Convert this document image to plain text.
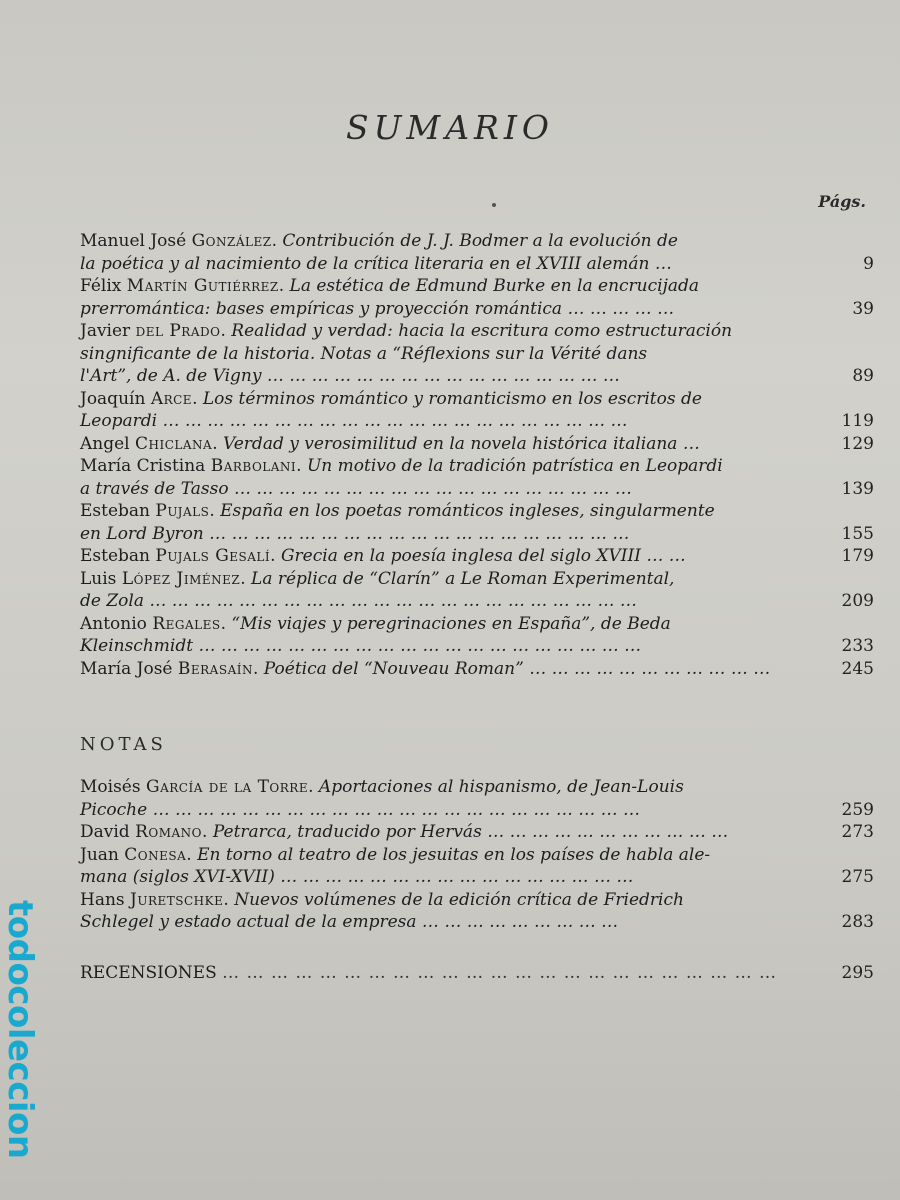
SUMARIO
Págs.
Manuel José González. Contribución de J. J. Bodmer a la evolución de
la poética y al nacimiento de la crítica literaria en el XVIII alemán …	9
Félix Martín Gutiérrez. La estética de Edmund Burke en la encrucijada
prerromántica: bases empíricas y proyección romántica … … … … …	39
Javier del Prado. Realidad y verdad: hacia la escritura como estructuración
singnificante de la historia. Notas a “Réflexions sur la Vérité dans
l'Art”, de A. de Vigny … … … … … … … … … … … … … … … …	89
Joaquín Arce. Los términos romántico y romanticismo en los escritos de
Leopardi … … … … … … … … … … … … … … … … … … … … …	119
Angel Chiclana. Verdad y verosimilitud en la novela histórica italiana …	129
María Cristina Barbolani. Un motivo de la tradición patrística en Leopardi
a través de Tasso … … … … … … … … … … … … … … … … … …	139
Esteban Pujals. España en los poetas románticos ingleses, singularmente
en Lord Byron … … … … … … … … … … … … … … … … … … …	155
Esteban Pujals Gesalí. Grecia en la poesía inglesa del siglo XVIII … …	179
Luis López Jiménez. La réplica de “Clarín” a Le Roman Experimental,
de Zola … … … … … … … … … … … … … … … … … … … … … …	209
Antonio Regales. “Mis viajes y peregrinaciones en España”, de Beda
Kleinschmidt … … … … … … … … … … … … … … … … … … … …	233
María José Berasaín. Poética del “Nouveau Roman” … … … … … … … … … … …	245
NOTAS
Moisés García de la Torre. Aportaciones al hispanismo, de Jean-Louis
Picoche … … … … … … … … … … … … … … … … … … … … … …	259
David Romano. Petrarca, traducido por Hervás … … … … … … … … … … …	273
Juan Conesa. En torno al teatro de los jesuitas en los países de habla ale-
mana (siglos XVI-XVII) … … … … … … … … … … … … … … … …	275
Hans Juretschke. Nuevos volúmenes de la edición crítica de Friedrich
Schlegel y estado actual de la empresa … … … … … … … … …	283
RECENSIONES … … … … … … … … … … … … … … … … … … … … … … …	295
todocoleccion
